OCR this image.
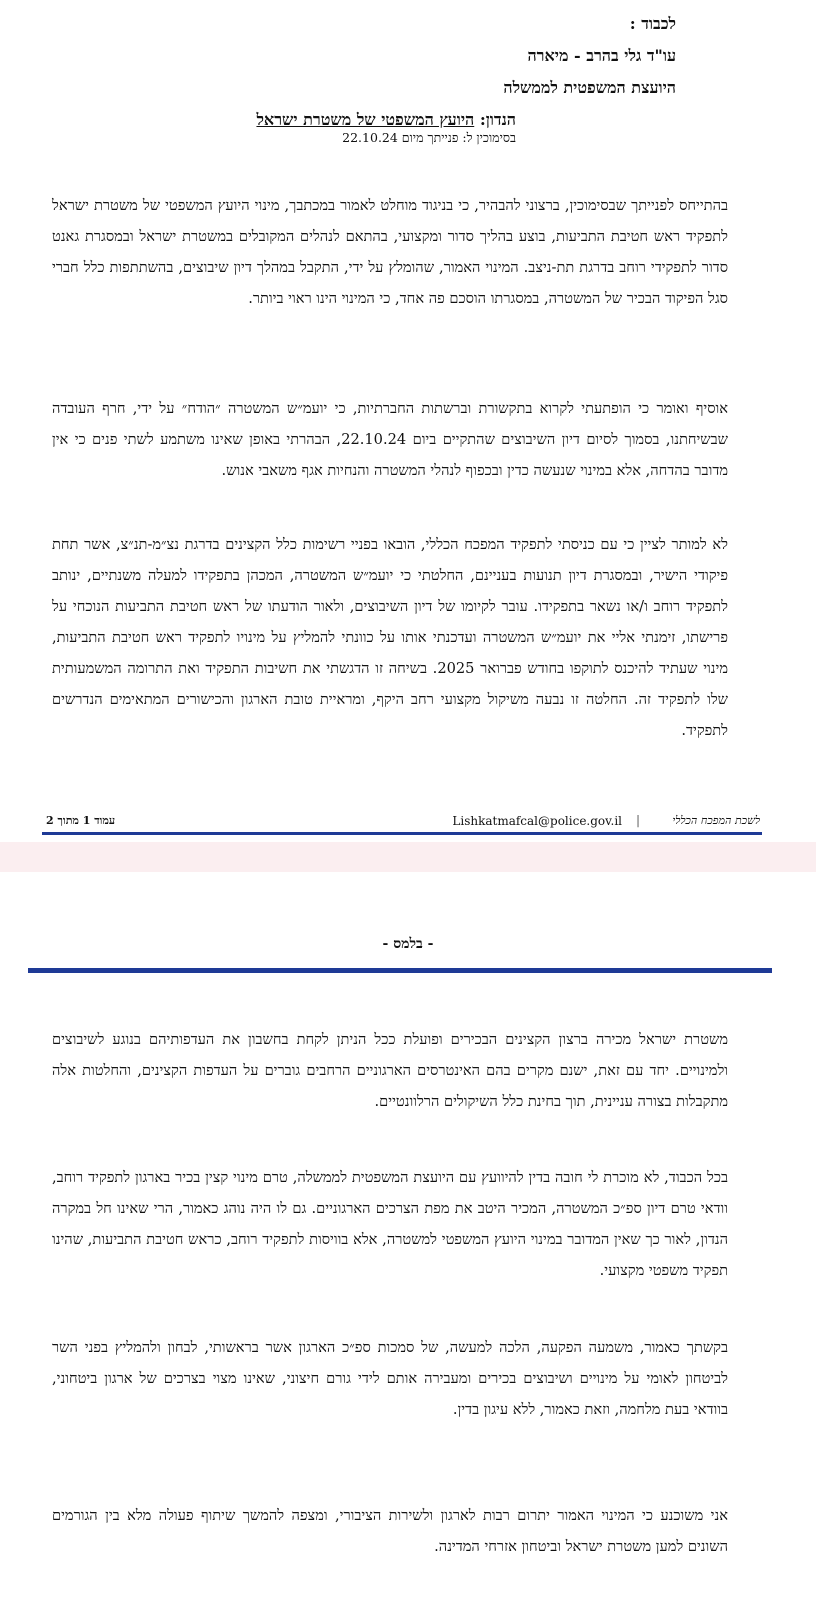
לכבוד :
עו"ד גלי בהרב - מיארה
היועצת המשפטית לממשלה
הנדון: היועץ המשפטי של משטרת ישראל
בסימוכין ל: פנייתך מיום 22.10.24

בהתייחס לפנייתך שבסימוכין, ברצוני להבהיר, כי בניגוד מוחלט לאמור במכתבך, מינוי היועץ המשפטי של משטרת ישראל לתפקיד ראש חטיבת התביעות, בוצע בהליך סדור ומקצועי, בהתאם לנהלים המקובלים במשטרת ישראל ובמסגרת גאנט סדור לתפקידי רוחב בדרגת תת-ניצב. המינוי האמור, שהומלץ על ידי, התקבל במהלך דיון שיבוצים, בהשתתפות כלל חברי סגל הפיקוד הבכיר של המשטרה, במסגרתו הוסכם פה אחד, כי המינוי הינו ראוי ביותר.

אוסיף ואומר כי הופתעתי לקרוא בתקשורת וברשתות החברתיות, כי יועמ״ש המשטרה ״הודח״ על ידי, חרף העובדה שבשיחתנו, בסמוך לסיום דיון השיבוצים שהתקיים ביום 22.10.24, הבהרתי באופן שאינו משתמע לשתי פנים כי אין מדובר בהדחה, אלא במינוי שנעשה כדין ובכפוף לנהלי המשטרה והנחיות אגף משאבי אנוש.

לא למותר לציין כי עם כניסתי לתפקיד המפכח הכללי, הובאו בפניי רשימות כלל הקצינים בדרגת נצ״מ-תנ״צ, אשר תחת פיקודי הישיר, ובמסגרת דיון תנועות בעניינם, החלטתי כי יועמ״ש המשטרה, המכהן בתפקידו למעלה משנתיים, ינותב לתפקיד רוחב ו/או נשאר בתפקידו. עובר לקיומו של דיון השיבוצים, ולאור הודעתו של ראש חטיבת התביעות הנוכחי על פרישתו, זימנתי אליי את יועמ״ש המשטרה ועדכנתי אותו על כוונתי להמליץ על מינויו לתפקיד ראש חטיבת התביעות, מינוי שעתיד להיכנס לתוקפו בחודש פברואר 2025. בשיחה זו הדגשתי את חשיבות התפקיד ואת התרומה המשמעותית שלו לתפקיד זה. החלטה זו נבעה משיקול מקצועי רחב היקף, ומראיית טובת הארגון והכישורים המתאימים הנדרשים לתפקיד.

עמוד 1 מתוך 2	Lishkatmafcal@police.gov.il |	לשכת המפכח הכללי
- בלמס -

משטרת ישראל מכירה ברצון הקצינים הבכירים ופועלת ככל הניתן לקחת בחשבון את העדפותיהם בנוגע לשיבוצים ולמינויים. יחד עם זאת, ישנם מקרים בהם האינטרסים הארגוניים הרחבים גוברים על העדפות הקצינים, והחלטות אלה מתקבלות בצורה עניינית, תוך בחינת כלל השיקולים הרלוונטיים.

בכל הכבוד, לא מוכרת לי חובה בדין להיוועץ עם היועצת המשפטית לממשלה, טרם מינוי קצין בכיר בארגון לתפקיד רוחב, וודאי טרם דיון ספ״כ המשטרה, המכיר היטב את מפת הצרכים הארגוניים. גם לו היה נוהג כאמור, הרי שאינו חל במקרה הנדון, לאור כך שאין המדובר במינוי היועץ המשפטי למשטרה, אלא בוויסות לתפקיד רוחב, כראש חטיבת התביעות, שהינו תפקיד משפטי מקצועי.

בקשתך כאמור, משמעה הפקעה, הלכה למעשה, של סמכות ספ״כ הארגון אשר בראשותי, לבחון ולהמליץ בפני השר לביטחון לאומי על מינויים ושיבוצים בכירים ומעבירה אותם לידי גורם חיצוני, שאינו מצוי בצרכים של ארגון ביטחוני, בוודאי בעת מלחמה, וזאת כאמור, ללא עיגון בדין.

אני משוכנע כי המינוי האמור יתרום רבות לארגון ולשירות הציבורי, ומצפה להמשך שיתוף פעולה מלא בין הגורמים השונים למען משטרת ישראל וביטחון אזרחי המדינה.
